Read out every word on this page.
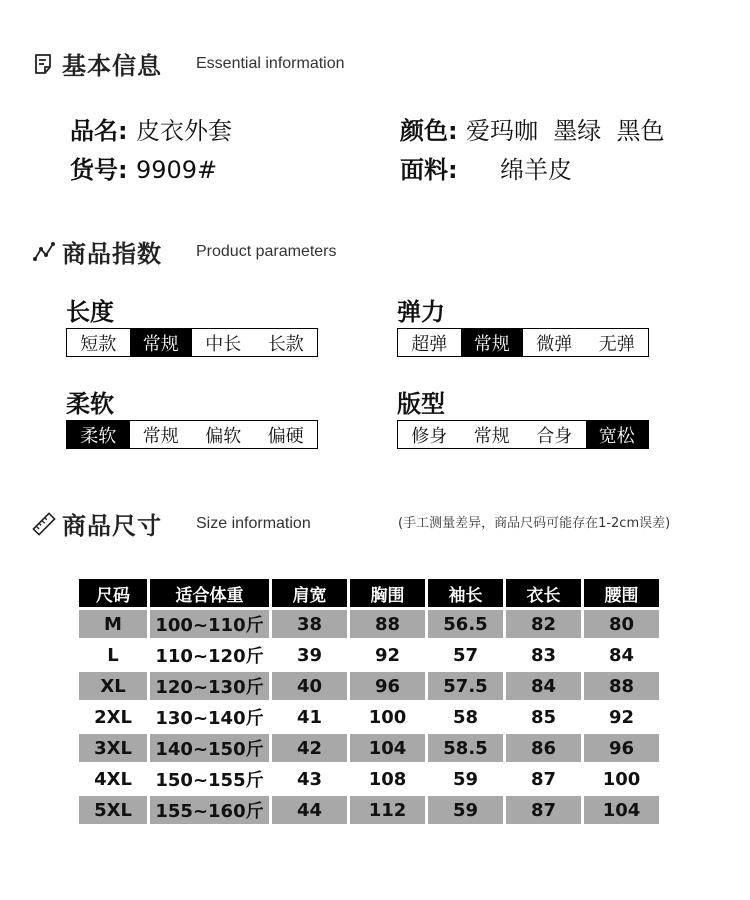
基本信息 Essential information
品名: 皮衣外套	颜色: 爱玛咖  墨绿  黑色
货号: 9909#	面料: 绵羊皮
商品指数 Product parameters
长度
短款	常规	中长	长款
弹力
超弹	常规	微弹	无弹
柔软
柔软	常规	偏软	偏硬
版型
修身	常规	合身	宽松
商品尺寸 Size information	(手工测量差异，商品尺码可能存在1-2cm误差)
尺码	适合体重	肩宽	胸围	袖长	衣长	腰围
M	100~110斤	38	88	56.5	82	80
L	110~120斤	39	92	57	83	84
XL	120~130斤	40	96	57.5	84	88
2XL	130~140斤	41	100	58	85	92
3XL	140~150斤	42	104	58.5	86	96
4XL	150~155斤	43	108	59	87	100
5XL	155~160斤	44	112	59	87	104
